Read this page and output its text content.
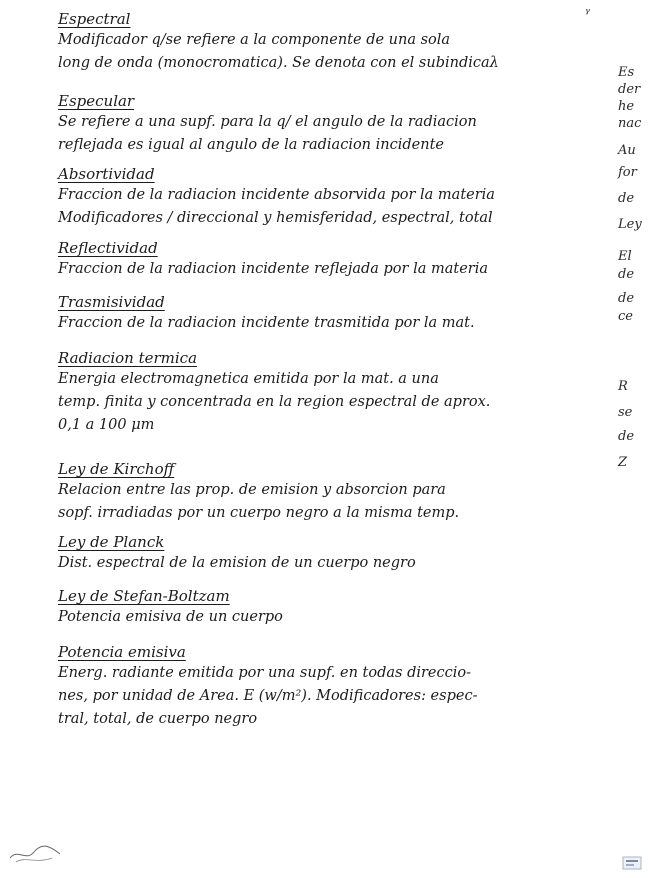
ᵞ
Espectral
Modificador q/se refiere a la componente de una sola
long de onda (monocromatica). Se denota con el subindicaλ
Especular
Se refiere a una supf. para la q/ el angulo de la radiacion
reflejada es igual al angulo de la radiacion incidente
Absortividad
Fraccion de la radiacion incidente absorvida por la materia
Modificadores / direccional y hemisferidad, espectral, total
Reflectividad
Fraccion de la radiacion incidente reflejada por la materia
Trasmisividad
Fraccion de la radiacion incidente trasmitida por la mat.
Radiacion termica
Energia electromagnetica emitida por la mat. a una
temp. finita y concentrada en la region espectral de aprox.
0,1 a 100 μm
Ley de Kirchoff
Relacion entre las prop. de emision y absorcion para
sopf. irradiadas por un cuerpo negro a la misma temp.
Ley de Planck
Dist. espectral de la emision de un cuerpo negro
Ley de Stefan-Boltzam
Potencia emisiva de un cuerpo
Potencia emisiva
Energ. radiante emitida por una supf. en todas direccio-
nes, por unidad de Area. E (w/m²). Modificadores: espec-
tral, total, de cuerpo negro
Es
der
he
nac
Au
for
de
Ley
El
de
de
ce
R
se
de
Z
